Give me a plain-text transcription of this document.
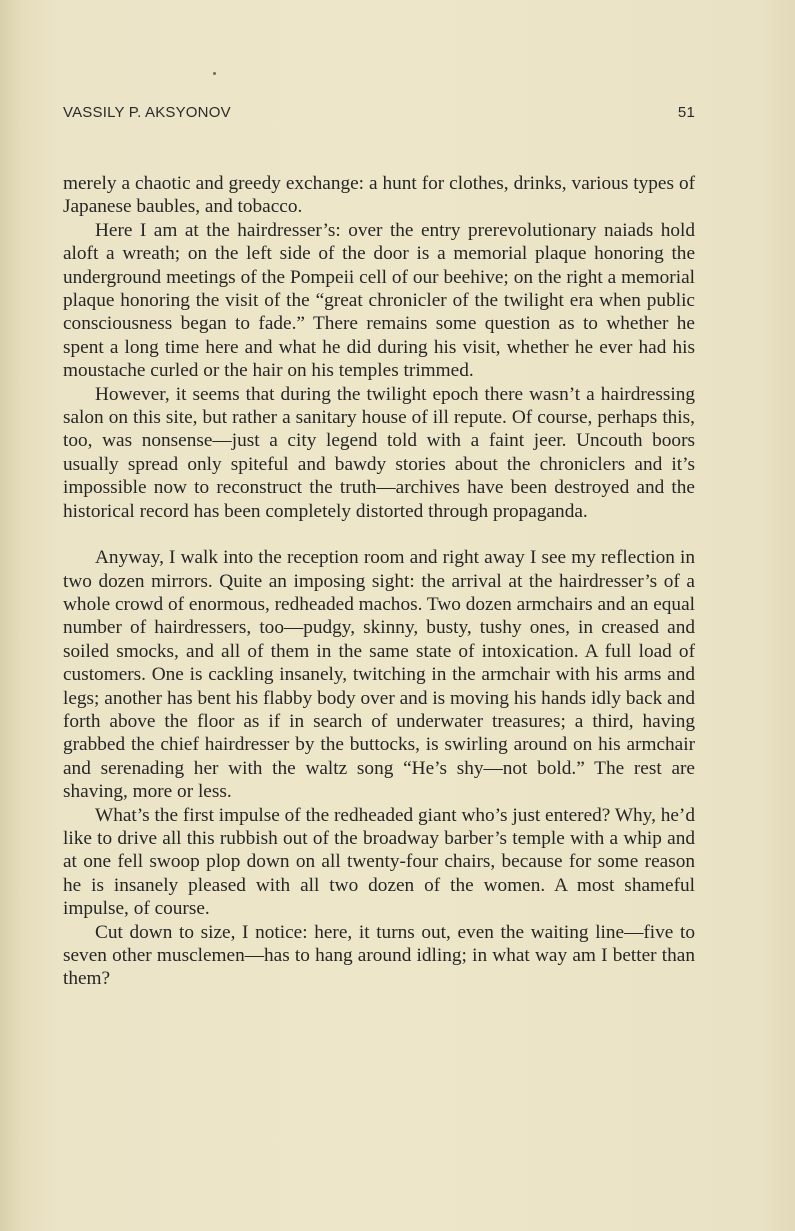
VASSILY P. AKSYONOV	51

merely a chaotic and greedy exchange: a hunt for clothes, drinks, various types of Japanese baubles, and tobacco.

Here I am at the hairdresser’s: over the entry prerevolutionary naiads hold aloft a wreath; on the left side of the door is a memorial plaque honoring the underground meetings of the Pompeii cell of our beehive; on the right a memorial plaque honoring the visit of the “great chronicler of the twilight era when public consciousness began to fade.” There remains some question as to whether he spent a long time here and what he did during his visit, whether he ever had his moustache curled or the hair on his temples trimmed.

However, it seems that during the twilight epoch there wasn’t a hairdressing salon on this site, but rather a sanitary house of ill repute. Of course, perhaps this, too, was nonsense—just a city legend told with a faint jeer. Uncouth boors usually spread only spiteful and bawdy stories about the chroniclers and it’s impossible now to reconstruct the truth—archives have been destroyed and the historical record has been completely distorted through propaganda.

Anyway, I walk into the reception room and right away I see my reflection in two dozen mirrors. Quite an imposing sight: the arrival at the hairdresser’s of a whole crowd of enormous, redheaded machos. Two dozen armchairs and an equal number of hairdressers, too—pudgy, skinny, busty, tushy ones, in creased and soiled smocks, and all of them in the same state of intoxication. A full load of customers. One is cackling insanely, twitching in the armchair with his arms and legs; another has bent his flabby body over and is moving his hands idly back and forth above the floor as if in search of underwater treasures; a third, having grabbed the chief hairdresser by the buttocks, is swirling around on his armchair and serenading her with the waltz song “He’s shy—not bold.” The rest are shaving, more or less.

What’s the first impulse of the redheaded giant who’s just entered? Why, he’d like to drive all this rubbish out of the broadway barber’s temple with a whip and at one fell swoop plop down on all twenty-four chairs, because for some reason he is insanely pleased with all two dozen of the women. A most shameful impulse, of course.

Cut down to size, I notice: here, it turns out, even the waiting line—five to seven other musclemen—has to hang around idling; in what way am I better than them?
